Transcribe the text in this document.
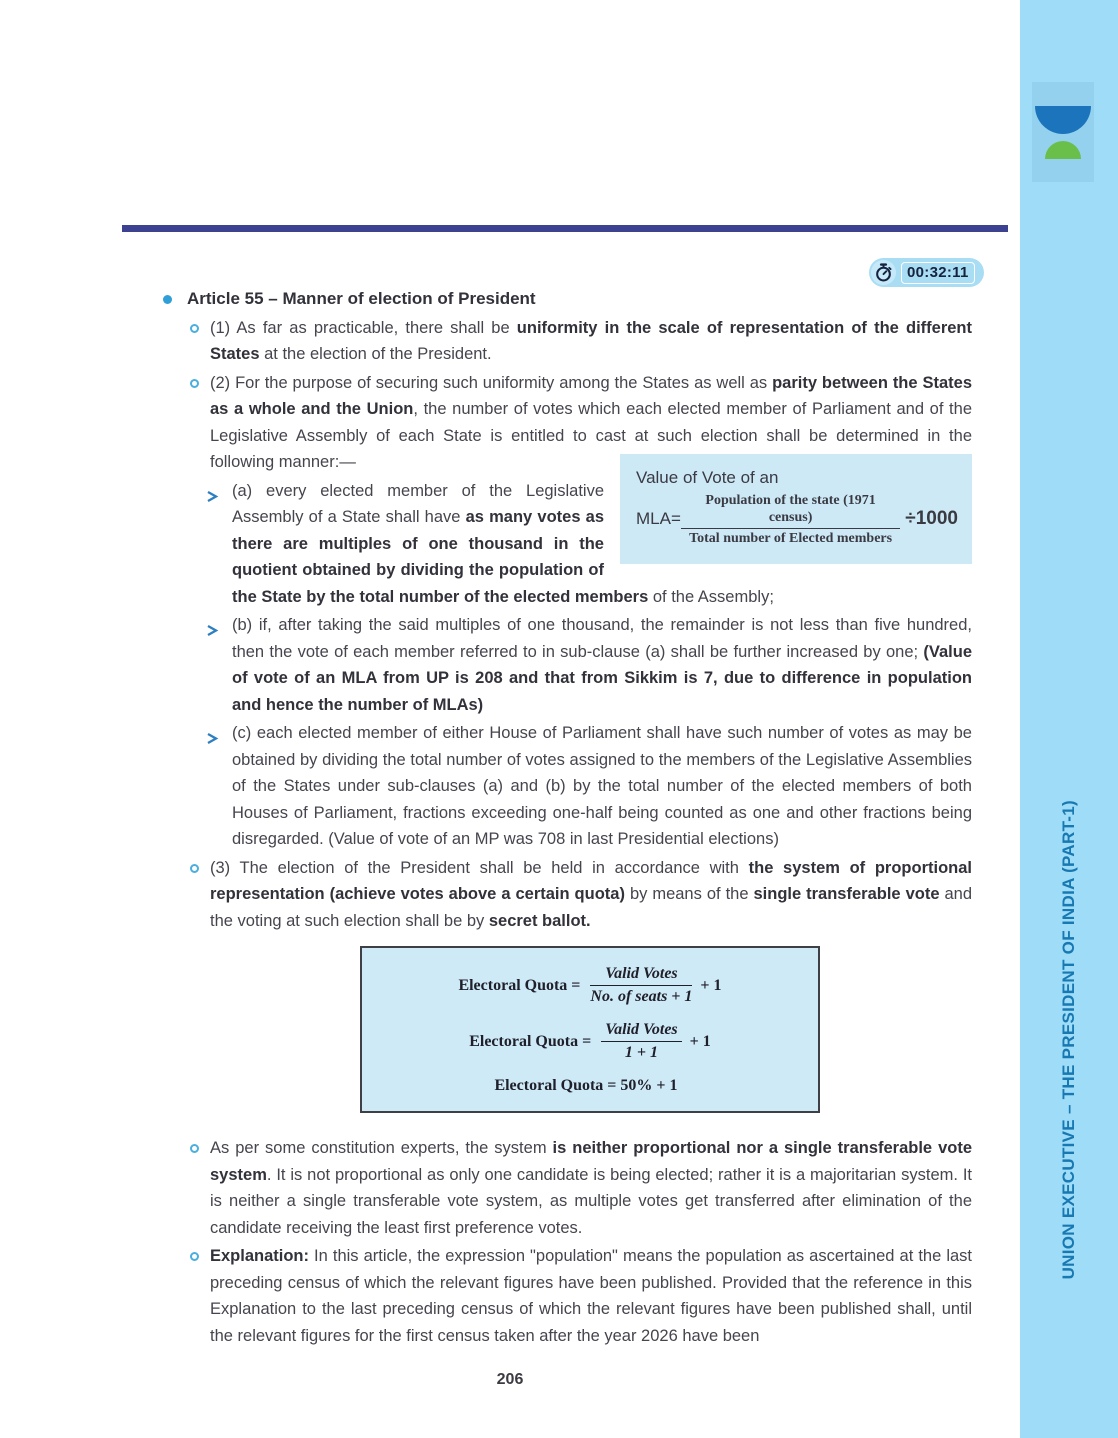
UNION EXECUTIVE – THE PRESIDENT OF INDIA (PART-1)
00:32:11
Article 55 – Manner of election of President
(1) As far as practicable, there shall be uniformity in the scale of representation of the different States at the election of the President.
(2) For the purpose of securing such uniformity among the States as well as parity between the States as a whole and the Union, the number of votes which each elected member of Parliament and of the Legislative Assembly of each State is entitled to cast at such election shall be determined in the following manner:—
Value of Vote of an
$MLA= \frac{\text{Population of the state (1971 census)}}{\text{Total number of Elected members}} \div 1000$
(a) every elected member of the Legislative Assembly of a State shall have as many votes as there are multiples of one thousand in the quotient obtained by dividing the population of the State by the total number of the elected members of the Assembly;
(b) if, after taking the said multiples of one thousand, the remainder is not less than five hundred, then the vote of each member referred to in sub-clause (a) shall be further increased by one; (Value of vote of an MLA from UP is 208 and that from Sikkim is 7, due to difference in population and hence the number of MLAs)
(c) each elected member of either House of Parliament shall have such number of votes as may be obtained by dividing the total number of votes assigned to the members of the Legislative Assemblies of the States under sub-clauses (a) and (b) by the total number of the elected members of both Houses of Parliament, fractions exceeding one-half being counted as one and other fractions being disregarded. (Value of vote of an MP was 708 in last Presidential elections)
(3) The election of the President shall be held in accordance with the system of proportional representation (achieve votes above a certain quota) by means of the single transferable vote and the voting at such election shall be by secret ballot.
Electoral Quota = $\frac{\text{Valid Votes}}{\text{No. of seats + 1}} + 1$
Electoral Quota = $\frac{\text{Valid Votes}}{1 + 1} + 1$
Electoral Quota = 50% + 1
As per some constitution experts, the system is neither proportional nor a single transferable vote system. It is not proportional as only one candidate is being elected; rather it is a majoritarian system. It is neither a single transferable vote system, as multiple votes get transferred after elimination of the candidate receiving the least first preference votes.
Explanation: In this article, the expression "population" means the population as ascertained at the last preceding census of which the relevant figures have been published. Provided that the reference in this Explanation to the last preceding census of which the relevant figures have been published shall, until the relevant figures for the first census taken after the year 2026 have been
206
